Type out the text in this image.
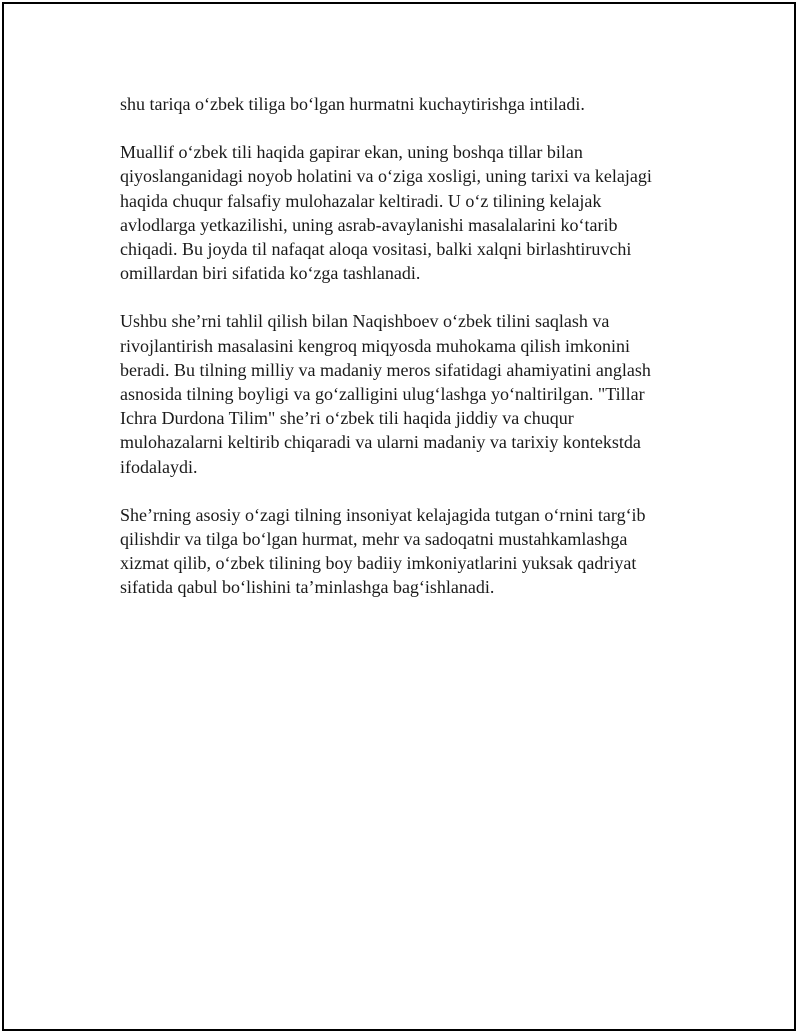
shu tariqa o‘zbek tiliga bo‘lgan hurmatni kuchaytirishga intiladi.

Muallif o‘zbek tili haqida gapirar ekan, uning boshqa tillar bilan
qiyoslanganidagi noyob holatini va o‘ziga xosligi, uning tarixi va kelajagi
haqida chuqur falsafiy mulohazalar keltiradi. U o‘z tilining kelajak
avlodlarga yetkazilishi, uning asrab-avaylanishi masalalarini ko‘tarib
chiqadi. Bu joyda til nafaqat aloqa vositasi, balki xalqni birlashtiruvchi
omillardan biri sifatida ko‘zga tashlanadi.

Ushbu she’rni tahlil qilish bilan Naqishboev o‘zbek tilini saqlash va
rivojlantirish masalasini kengroq miqyosda muhokama qilish imkonini
beradi. Bu tilning milliy va madaniy meros sifatidagi ahamiyatini anglash
asnosida tilning boyligi va go‘zalligini ulug‘lashga yo‘naltirilgan. "Tillar
Ichra Durdona Tilim" she’ri o‘zbek tili haqida jiddiy va chuqur
mulohazalarni keltirib chiqaradi va ularni madaniy va tarixiy kontekstda
ifodalaydi.

She’rning asosiy o‘zagi tilning insoniyat kelajagida tutgan o‘rnini targ‘ib
qilishdir va tilga bo‘lgan hurmat, mehr va sadoqatni mustahkamlashga
xizmat qilib, o‘zbek tilining boy badiiy imkoniyatlarini yuksak qadriyat
sifatida qabul bo‘lishini ta’minlashga bag‘ishlanadi.
